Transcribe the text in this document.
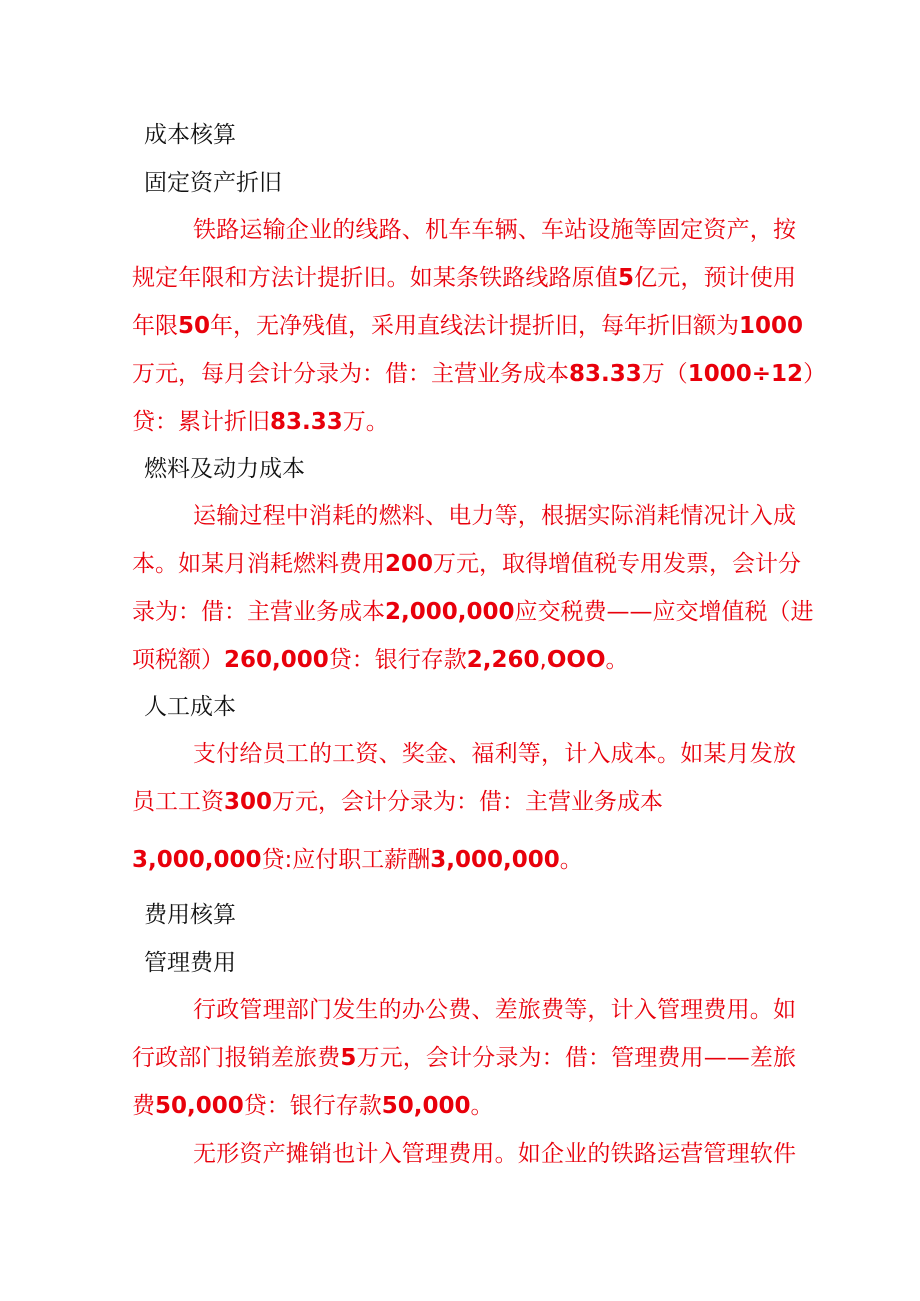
成本核算
固定资产折旧
铁路运输企业的线路、机车车辆、车站设施等固定资产，按
规定年限和方法计提折旧。如某条铁路线路原值5亿元，预计使用
年限50年，无净残值，采用直线法计提折旧，每年折旧额为1000
万元，每月会计分录为：借：主营业务成本83.33万（1000÷12）
贷：累计折旧83.33万。
燃料及动力成本
运输过程中消耗的燃料、电力等，根据实际消耗情况计入成
本。如某月消耗燃料费用200万元，取得增值税专用发票，会计分
录为：借：主营业务成本2,000,000应交税费——应交增值税（进
项税额）260,000贷：银行存款2,260,OOO。
人工成本
支付给员工的工资、奖金、福利等，计入成本。如某月发放
员工工资300万元，会计分录为：借：主营业务成本
3,000,000贷:应付职工薪酬3,000,000。
费用核算
管理费用
行政管理部门发生的办公费、差旅费等，计入管理费用。如
行政部门报销差旅费5万元，会计分录为：借：管理费用——差旅
费50,000贷：银行存款50,000。
无形资产摊销也计入管理费用。如企业的铁路运营管理软件
